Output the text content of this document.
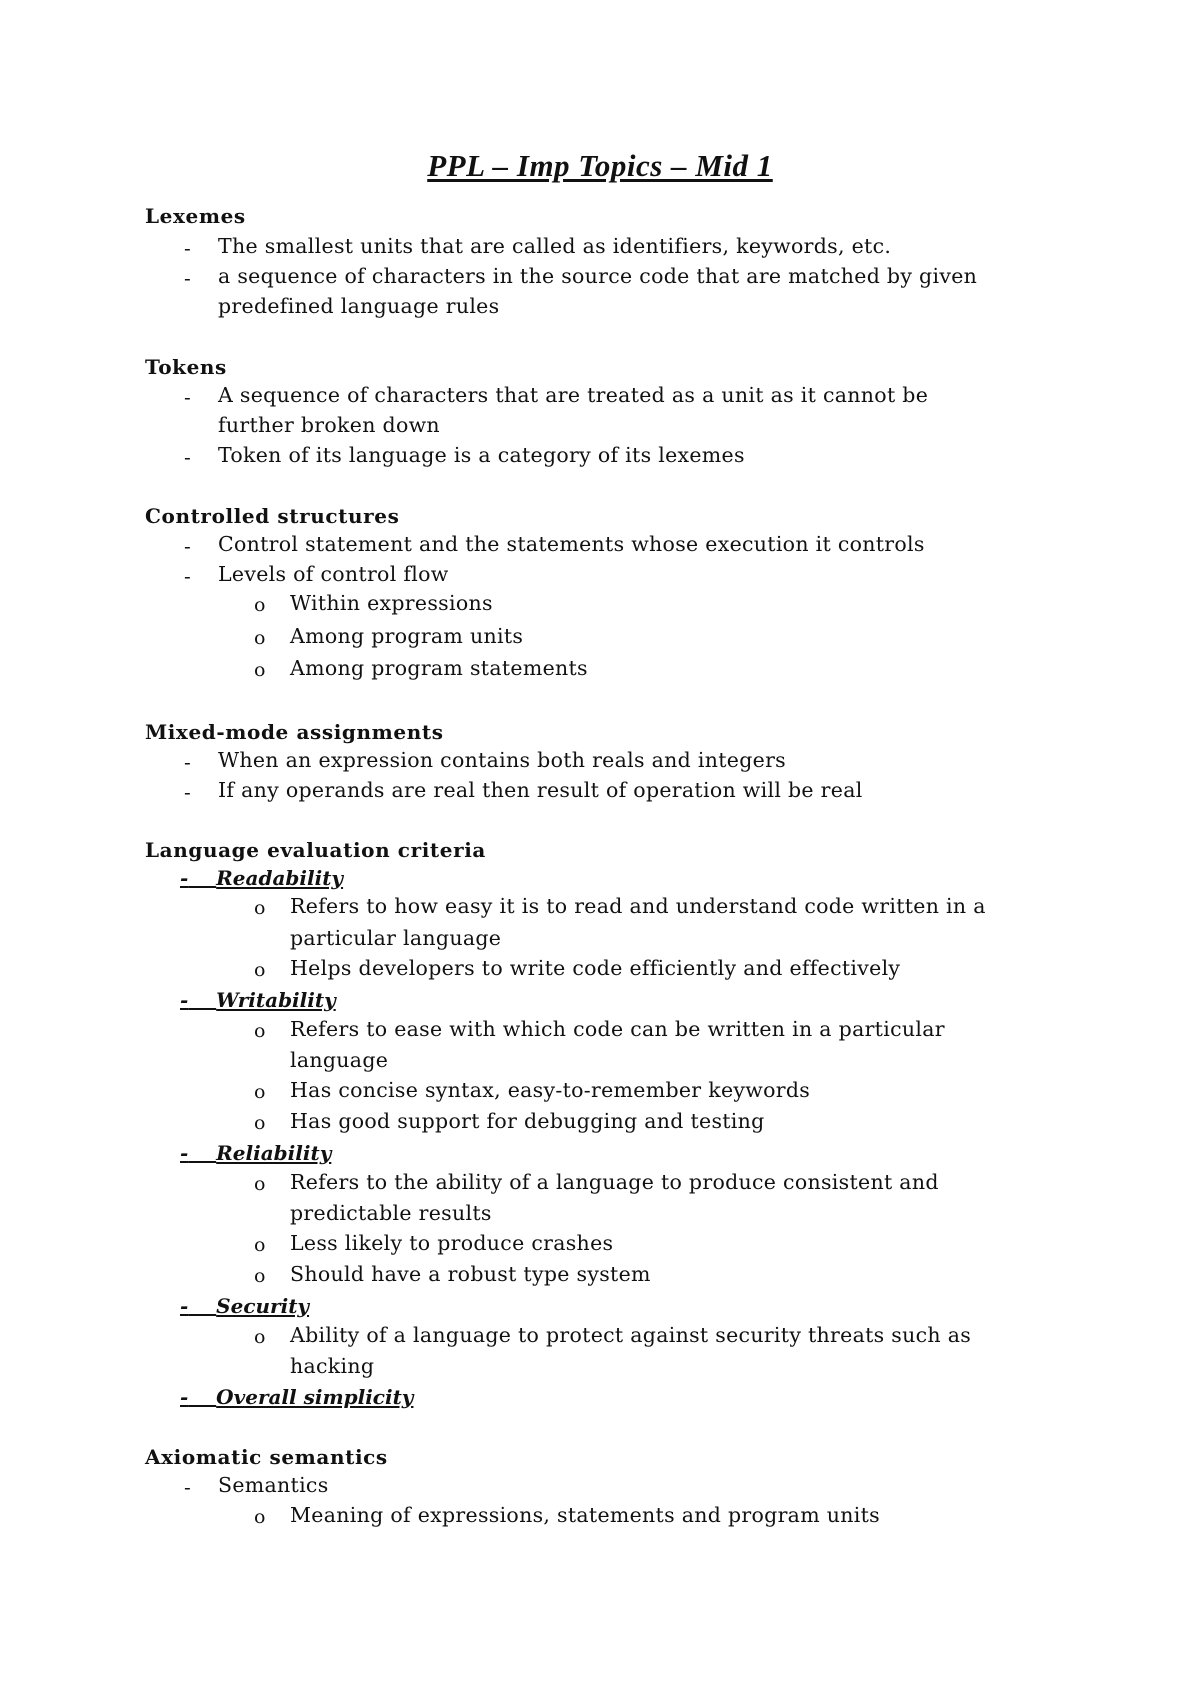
PPL – Imp Topics – Mid 1
Lexemes
- The smallest units that are called as identifiers, keywords, etc.
- a sequence of characters in the source code that are matched by given
predefined language rules
Tokens
- A sequence of characters that are treated as a unit as it cannot be
further broken down
- Token of its language is a category of its lexemes
Controlled structures
- Control statement and the statements whose execution it controls
- Levels of control flow
o Within expressions
o Among program units
o Among program statements
Mixed-mode assignments
- When an expression contains both reals and integers
- If any operands are real then result of operation will be real
Language evaluation criteria
- Readability
o Refers to how easy it is to read and understand code written in a
particular language
o Helps developers to write code efficiently and effectively
- Writability
o Refers to ease with which code can be written in a particular
language
o Has concise syntax, easy-to-remember keywords
o Has good support for debugging and testing
- Reliability
o Refers to the ability of a language to produce consistent and
predictable results
o Less likely to produce crashes
o Should have a robust type system
- Security
o Ability of a language to protect against security threats such as
hacking
- Overall simplicity
Axiomatic semantics
- Semantics
o Meaning of expressions, statements and program units
